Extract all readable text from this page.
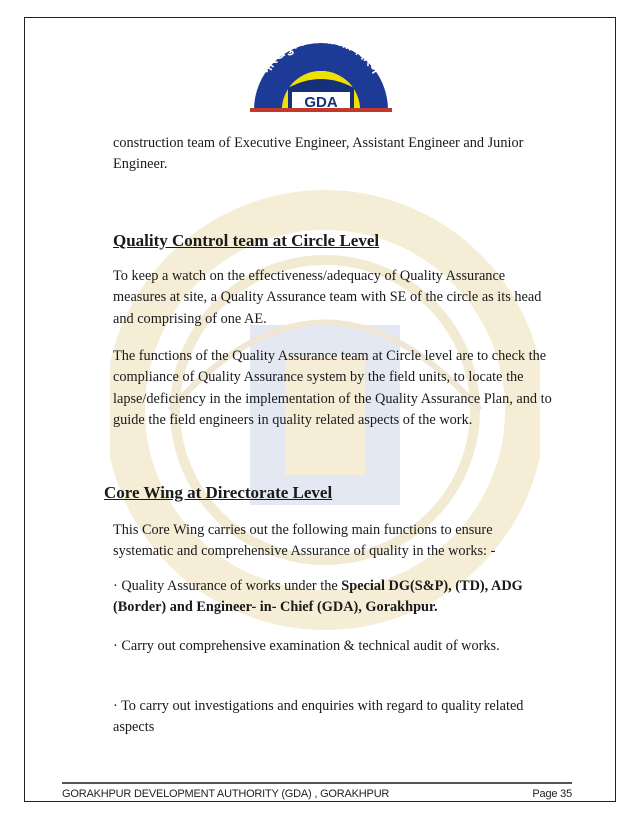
GDA
गोरखपुर विकास प्राधिकरण

construction team of Executive Engineer, Assistant Engineer and Junior Engineer.

Quality Control team at Circle Level

To keep a watch on the effectiveness/adequacy of Quality Assurance measures at site, a Quality Assurance team with SE of the circle as its head and comprising of one AE.

The functions of the Quality Assurance team at Circle level are to check the compliance of Quality Assurance system by the field units, to locate the lapse/deficiency in the implementation of the Quality Assurance Plan, and to guide the field engineers in quality related aspects of the work.

Core Wing at Directorate Level

This Core Wing carries out the following main functions to ensure systematic and comprehensive Assurance of quality in the works: -

· Quality Assurance of works under the Special DG(S&P), (TD), ADG (Border) and Engineer- in- Chief (GDA), Gorakhpur.

· Carry out comprehensive examination & technical audit of works.

· To carry out investigations and enquiries with regard to quality related aspects

GORAKHPUR DEVELOPMENT AUTHORITY (GDA) , GORAKHPUR	Page 35
